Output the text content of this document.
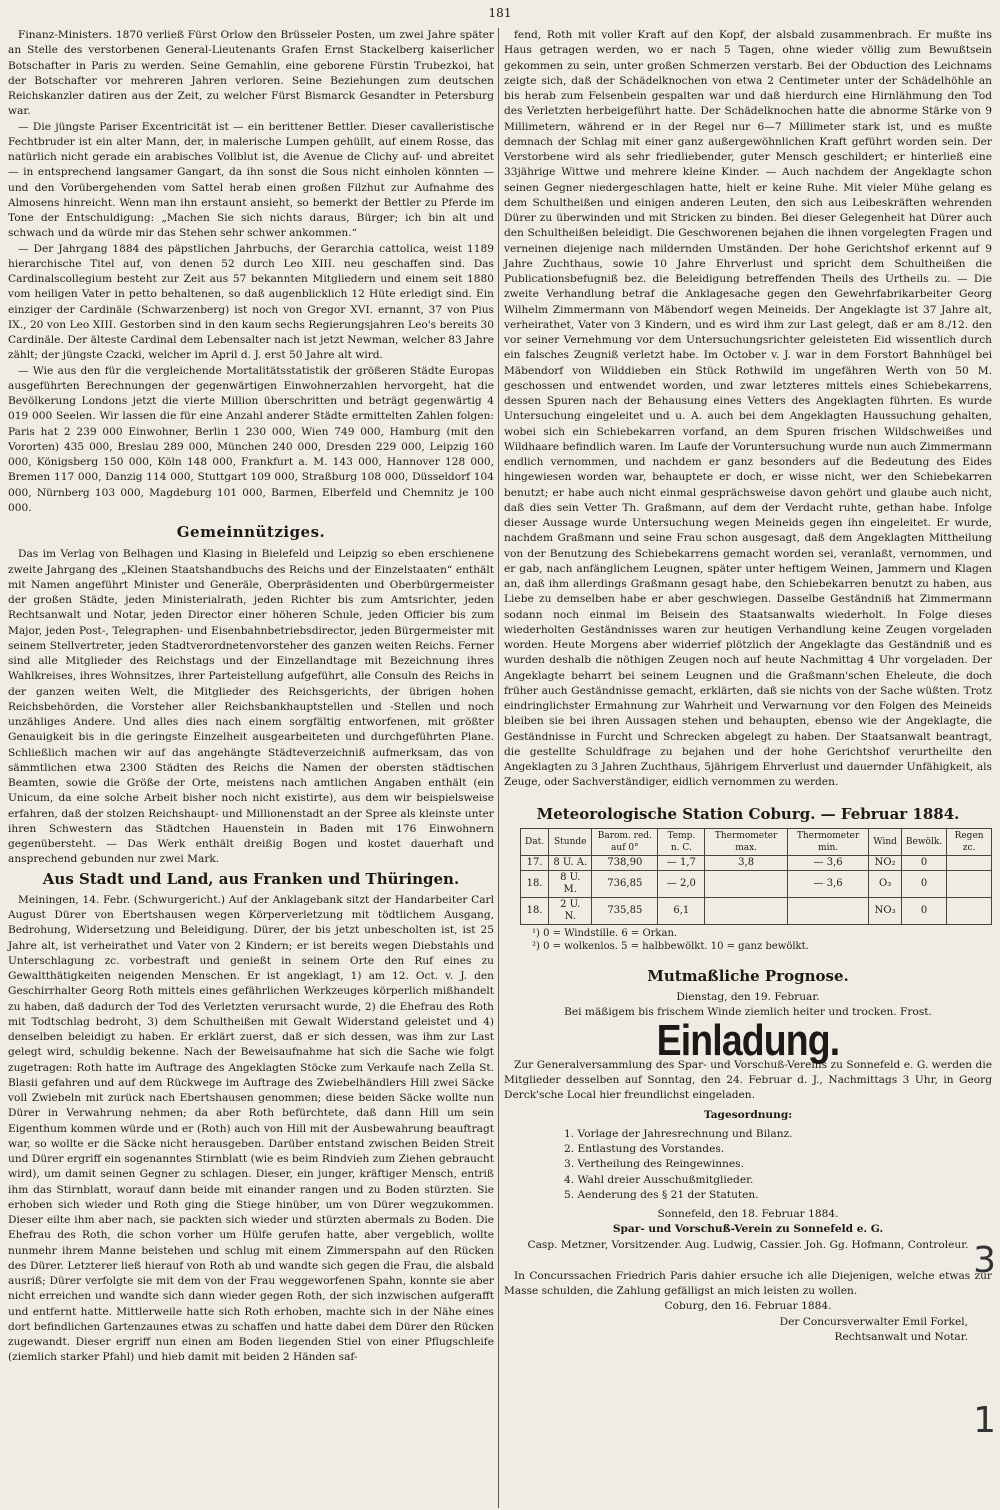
181

Finanz-Ministers. 1870 verließ Fürst Orlow den Brüsseler Posten, um zwei Jahre später an Stelle des verstorbenen General-Lieutenants Grafen Ernst Stackelberg kaiserlicher Botschafter in Paris zu werden. Seine Gemahlin, eine geborene Fürstin Trubezkoi, hat der Botschafter vor mehreren Jahren verloren. Seine Beziehungen zum deutschen Reichskanzler datiren aus der Zeit, zu welcher Fürst Bismarck Gesandter in Petersburg war.

— Die jüngste Pariser Excentricität ist — ein berittener Bettler. Dieser cavalleristische Fechtbruder ist ein alter Mann, der, in malerische Lumpen gehüllt, auf einem Rosse, das natürlich nicht gerade ein arabisches Vollblut ist, die Avenue de Clichy auf- und abreitet — in entsprechend langsamer Gangart, da ihn sonst die Sous nicht einholen könnten — und den Vorübergehenden vom Sattel herab einen großen Filzhut zur Aufnahme des Almosens hinreicht. Wenn man ihn erstaunt ansieht, so bemerkt der Bettler zu Pferde im Tone der Entschuldigung: „Machen Sie sich nichts daraus, Bürger; ich bin alt und schwach und da würde mir das Stehen sehr schwer ankommen.“

— Der Jahrgang 1884 des päpstlichen Jahrbuchs, der Gerarchia cattolica, weist 1189 hierarchische Titel auf, von denen 52 durch Leo XIII. neu geschaffen sind. Das Cardinalscollegium besteht zur Zeit aus 57 bekannten Mitgliedern und einem seit 1880 vom heiligen Vater in petto behaltenen, so daß augenblicklich 12 Hüte erledigt sind. Ein einziger der Cardinäle (Schwarzenberg) ist noch von Gregor XVI. ernannt, 37 von Pius IX., 20 von Leo XIII. Gestorben sind in den kaum sechs Regierungsjahren Leo's bereits 30 Cardinäle. Der älteste Cardinal dem Lebensalter nach ist jetzt Newman, welcher 83 Jahre zählt; der jüngste Czacki, welcher im April d. J. erst 50 Jahre alt wird.

— Wie aus den für die vergleichende Mortalitätsstatistik der größeren Städte Europas ausgeführten Berechnungen der gegenwärtigen Einwohnerzahlen hervorgeht, hat die Bevölkerung Londons jetzt die vierte Million überschritten und beträgt gegenwärtig 4 019 000 Seelen. Wir lassen die für eine Anzahl anderer Städte ermittelten Zahlen folgen: Paris hat 2 239 000 Einwohner, Berlin 1 230 000, Wien 749 000, Hamburg (mit den Vororten) 435 000, Breslau 289 000, München 240 000, Dresden 229 000, Leipzig 160 000, Königsberg 150 000, Köln 148 000, Frankfurt a. M. 143 000, Hannover 128 000, Bremen 117 000, Danzig 114 000, Stuttgart 109 000, Straßburg 108 000, Düsseldorf 104 000, Nürnberg 103 000, Magdeburg 101 000, Barmen, Elberfeld und Chemnitz je 100 000.

Gemeinnütziges.

Das im Verlag von Belhagen und Klasing in Bielefeld und Leipzig so eben erschienene zweite Jahrgang des „Kleinen Staatshandbuchs des Reichs und der Einzelstaaten“ enthält mit Namen angeführt Minister und Generäle, Oberpräsidenten und Oberbürgermeister der großen Städte, jeden Ministerialrath, jeden Richter bis zum Amtsrichter, jeden Rechtsanwalt und Notar, jeden Director einer höheren Schule, jeden Officier bis zum Major, jeden Post-, Telegraphen- und Eisenbahnbetriebsdirector, jeden Bürgermeister mit seinem Stellvertreter, jeden Stadtverordnetenvorsteher des ganzen weiten Reichs. Ferner sind alle Mitglieder des Reichstags und der Einzellandtage mit Bezeichnung ihres Wahlkreises, ihres Wohnsitzes, ihrer Parteistellung aufgeführt, alle Consuln des Reichs in der ganzen weiten Welt, die Mitglieder des Reichsgerichts, der übrigen hohen Reichsbehörden, die Vorsteher aller Reichsbankhauptstellen und -Stellen und noch unzähliges Andere. Und alles dies nach einem sorgfältig entworfenen, mit größter Genauigkeit bis in die geringste Einzelheit ausgearbeiteten und durchgeführten Plane. Schließlich machen wir auf das angehängte Städteverzeichniß aufmerksam, das von sämmtlichen etwa 2300 Städten des Reichs die Namen der obersten städtischen Beamten, sowie die Größe der Orte, meistens nach amtlichen Angaben enthält (ein Unicum, da eine solche Arbeit bisher noch nicht existirte), aus dem wir beispielsweise erfahren, daß der stolzen Reichshaupt- und Millionenstadt an der Spree als kleinste unter ihren Schwestern das Städtchen Hauenstein in Baden mit 176 Einwohnern gegenübersteht. — Das Werk enthält dreißig Bogen und kostet dauerhaft und ansprechend gebunden nur zwei Mark.

Aus Stadt und Land, aus Franken und Thüringen.

Meiningen, 14. Febr. (Schwurgericht.) Auf der Anklagebank sitzt der Handarbeiter Carl August Dürer von Ebertshausen wegen Körperverletzung mit tödtlichem Ausgang, Bedrohung, Widersetzung und Beleidigung. Dürer, der bis jetzt unbescholten ist, ist 25 Jahre alt, ist verheirathet und Vater von 2 Kindern; er ist bereits wegen Diebstahls und Unterschlagung zc. vorbestraft und genießt in seinem Orte den Ruf eines zu Gewaltthätigkeiten neigenden Menschen. Er ist angeklagt, 1) am 12. Oct. v. J. den Geschirrhalter Georg Roth mittels eines gefährlichen Werkzeuges körperlich mißhandelt zu haben, daß dadurch der Tod des Verletzten verursacht wurde, 2) die Ehefrau des Roth mit Todtschlag bedroht, 3) dem Schultheißen mit Gewalt Widerstand geleistet und 4) denselben beleidigt zu haben. Er erklärt zuerst, daß er sich dessen, was ihm zur Last gelegt wird, schuldig bekenne. Nach der Beweisaufnahme hat sich die Sache wie folgt zugetragen: Roth hatte im Auftrage des Angeklagten Stöcke zum Verkaufe nach Zella St. Blasii gefahren und auf dem Rückwege im Auftrage des Zwiebelhändlers Hill zwei Säcke voll Zwiebeln mit zurück nach Ebertshausen genommen; diese beiden Säcke wollte nun Dürer in Verwahrung nehmen; da aber Roth befürchtete, daß dann Hill um sein Eigenthum kommen würde und er (Roth) auch von Hill mit der Ausbewahrung beauftragt war, so wollte er die Säcke nicht herausgeben. Darüber entstand zwischen Beiden Streit und Dürer ergriff ein sogenanntes Stirnblatt (wie es beim Rindvieh zum Ziehen gebraucht wird), um damit seinen Gegner zu schlagen. Dieser, ein junger, kräftiger Mensch, entriß ihm das Stirnblatt, worauf dann beide mit einander rangen und zu Boden stürzten. Sie erhoben sich wieder und Roth ging die Stiege hinüber, um von Dürer wegzukommen. Dieser eilte ihm aber nach, sie packten sich wieder und stürzten abermals zu Boden. Die Ehefrau des Roth, die schon vorher um Hülfe gerufen hatte, aber vergeblich, wollte nunmehr ihrem Manne beistehen und schlug mit einem Zimmerspahn auf den Rücken des Dürer. Letzterer ließ hierauf von Roth ab und wandte sich gegen die Frau, die alsbald ausriß; Dürer verfolgte sie mit dem von der Frau weggeworfenen Spahn, konnte sie aber nicht erreichen und wandte sich dann wieder gegen Roth, der sich inzwischen aufgerafft und entfernt hatte. Mittlerweile hatte sich Roth erhoben, machte sich in der Nähe eines dort befindlichen Gartenzaunes etwas zu schaffen und hatte dabei dem Dürer den Rücken zugewandt. Dieser ergriff nun einen am Boden liegenden Stiel von einer Pflugschleife (ziemlich starker Pfahl) und hieb damit mit beiden 2 Händen saf-

fend, Roth mit voller Kraft auf den Kopf, der alsbald zusammenbrach. Er mußte ins Haus getragen werden, wo er nach 5 Tagen, ohne wieder völlig zum Bewußtsein gekommen zu sein, unter großen Schmerzen verstarb. Bei der Obduction des Leichnams zeigte sich, daß der Schädelknochen von etwa 2 Centimeter unter der Schädelhöhle an bis herab zum Felsenbein gespalten war und daß hierdurch eine Hirnlähmung den Tod des Verletzten herbeigeführt hatte. Der Schädelknochen hatte die abnorme Stärke von 9 Millimetern, während er in der Regel nur 6—7 Millimeter stark ist, und es mußte demnach der Schlag mit einer ganz außergewöhnlichen Kraft geführt worden sein. Der Verstorbene wird als sehr friedliebender, guter Mensch geschildert; er hinterließ eine 33jährige Wittwe und mehrere kleine Kinder. — Auch nachdem der Angeklagte schon seinen Gegner niedergeschlagen hatte, hielt er keine Ruhe. Mit vieler Mühe gelang es dem Schultheißen und einigen anderen Leuten, den sich aus Leibeskräften wehrenden Dürer zu überwinden und mit Stricken zu binden. Bei dieser Gelegenheit hat Dürer auch den Schultheißen beleidigt. Die Geschworenen bejahen die ihnen vorgelegten Fragen und verneinen diejenige nach mildernden Umständen. Der hohe Gerichtshof erkennt auf 9 Jahre Zuchthaus, sowie 10 Jahre Ehrverlust und spricht dem Schultheißen die Publicationsbefugniß bez. die Beleidigung betreffenden Theils des Urtheils zu. — Die zweite Verhandlung betraf die Anklagesache gegen den Gewehrfabrikarbeiter Georg Wilhelm Zimmermann von Mäbendorf wegen Meineids. Der Angeklagte ist 37 Jahre alt, verheirathet, Vater von 3 Kindern, und es wird ihm zur Last gelegt, daß er am 8./12. den vor seiner Vernehmung vor dem Untersuchungsrichter geleisteten Eid wissentlich durch ein falsches Zeugniß verletzt habe. Im October v. J. war in dem Forstort Bahnhügel bei Mäbendorf von Wilddieben ein Stück Rothwild im ungefähren Werth von 50 M. geschossen und entwendet worden, und zwar letzteres mittels eines Schiebekarrens, dessen Spuren nach der Behausung eines Vetters des Angeklagten führten. Es wurde Untersuchung eingeleitet und u. A. auch bei dem Angeklagten Haussuchung gehalten, wobei sich ein Schiebekarren vorfand, an dem Spuren frischen Wildschweißes und Wildhaare befindlich waren. Im Laufe der Voruntersuchung wurde nun auch Zimmermann endlich vernommen, und nachdem er ganz besonders auf die Bedeutung des Eides hingewiesen worden war, behauptete er doch, er wisse nicht, wer den Schiebekarren benutzt; er habe auch nicht einmal gesprächsweise davon gehört und glaube auch nicht, daß dies sein Vetter Th. Graßmann, auf dem der Verdacht ruhte, gethan habe. Infolge dieser Aussage wurde Untersuchung wegen Meineids gegen ihn eingeleitet. Er wurde, nachdem Graßmann und seine Frau schon ausgesagt, daß dem Angeklagten Mittheilung von der Benutzung des Schiebekarrens gemacht worden sei, veranlaßt, vernommen, und er gab, nach anfänglichem Leugnen, später unter heftigem Weinen, Jammern und Klagen an, daß ihm allerdings Graßmann gesagt habe, den Schiebekarren benutzt zu haben, aus Liebe zu demselben habe er aber geschwiegen. Dasselbe Geständniß hat Zimmermann sodann noch einmal im Beisein des Staatsanwalts wiederholt. In Folge dieses wiederholten Geständnisses waren zur heutigen Verhandlung keine Zeugen vorgeladen worden. Heute Morgens aber widerrief plötzlich der Angeklagte das Geständniß und es wurden deshalb die nöthigen Zeugen noch auf heute Nachmittag 4 Uhr vorgeladen. Der Angeklagte beharrt bei seinem Leugnen und die Graßmann'schen Eheleute, die doch früher auch Geständnisse gemacht, erklärten, daß sie nichts von der Sache wüßten. Trotz eindringlichster Ermahnung zur Wahrheit und Verwarnung vor den Folgen des Meineids bleiben sie bei ihren Aussagen stehen und behaupten, ebenso wie der Angeklagte, die Geständnisse in Furcht und Schrecken abgelegt zu haben. Der Staatsanwalt beantragt, die gestellte Schuldfrage zu bejahen und der hohe Gerichtshof verurtheilte den Angeklagten zu 3 Jahren Zuchthaus, 5jährigem Ehrverlust und dauernder Unfähigkeit, als Zeuge, oder Sachverständiger, eidlich vernommen zu werden.

Meteorologische Station Coburg. — Februar 1884.
Dat.	Stunde	Barom. red. auf 0°	Temp. n. C.	Thermometer max.	Thermometer min.	Wind	Bewölk.	Regen zc.
17.	8 U. A.	738,90	— 1,7	3,8	— 3,6	NO₂	0	
18.	8 U. M.	736,85	— 2,0		— 3,6	O₃	0	
18.	2 U. N.	735,85	6,1			NO₃	0	
¹) 0 = Windstille. 6 = Orkan.
²) 0 = wolkenlos. 5 = halbbewölkt. 10 = ganz bewölkt.
Mutmaßliche Prognose.
Dienstag, den 19. Februar.
Bei mäßigem bis frischem Winde ziemlich heiter und trocken. Frost.
Einladung.

Zur Generalversammlung des Spar- und Vorschuß-Vereins zu Sonnefeld e. G. werden die Mitglieder desselben auf Sonntag, den 24. Februar d. J., Nachmittags 3 Uhr, in Georg Derck'sche Local hier freundlichst eingeladen.

Tagesordnung:
1. Vorlage der Jahresrechnung und Bilanz.
2. Entlastung des Vorstandes.
3. Vertheilung des Reingewinnes.
4. Wahl dreier Ausschußmitglieder.
5. Aenderung des § 21 der Statuten.
Sonnefeld, den 18. Februar 1884.
Spar- und Vorschuß-Verein zu Sonnefeld e. G.
Casp. Metzner, Vorsitzender. Aug. Ludwig, Cassier. Joh. Gg. Hofmann, Controleur.

In Concurssachen Friedrich Paris dahier ersuche ich alle Diejenigen, welche etwas zur Masse schulden, die Zahlung gefälligst an mich leisten zu wollen.

Coburg, den 16. Februar 1884.
Der Concursverwalter Emil Forkel,
Rechtsanwalt und Notar.
3
1
